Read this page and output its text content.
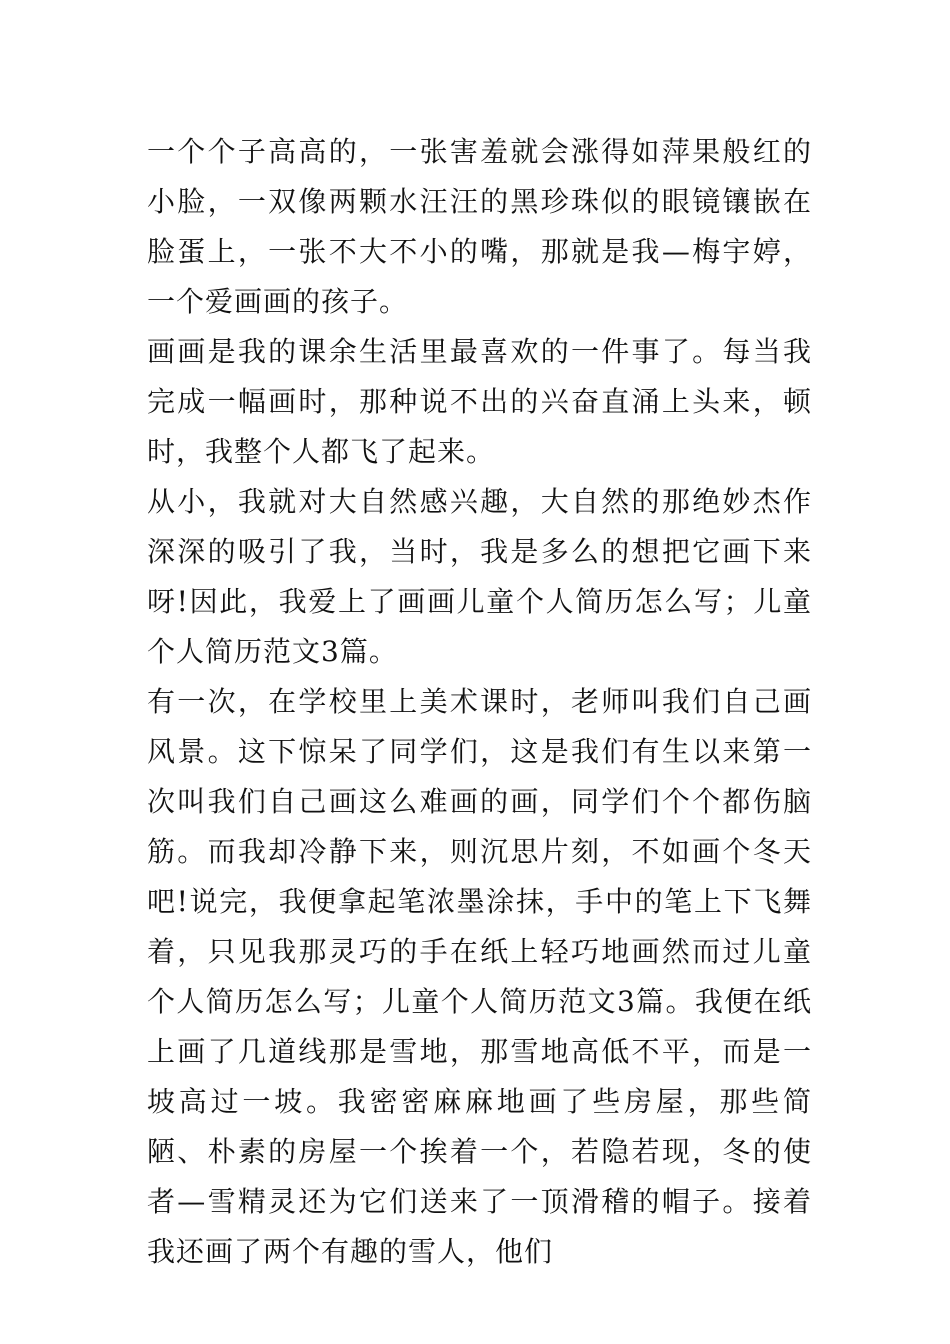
一个个子高高的，一张害羞就会涨得如萍果般红的小脸，一双像两颗水汪汪的黑珍珠似的眼镜镶嵌在脸蛋上，一张不大不小的嘴，那就是我—梅宇婷，一个爱画画的孩子。

画画是我的课余生活里最喜欢的一件事了。每当我完成一幅画时，那种说不出的兴奋直涌上头来，顿时，我整个人都飞了起来。

从小，我就对大自然感兴趣，大自然的那绝妙杰作深深的吸引了我，当时，我是多么的想把它画下来呀!因此，我爱上了画画儿童个人简历怎么写；儿童个人简历范文3篇。

有一次，在学校里上美术课时，老师叫我们自己画风景。这下惊呆了同学们，这是我们有生以来第一次叫我们自己画这么难画的画，同学们个个都伤脑筋。而我却冷静下来，则沉思片刻，不如画个冬天吧!说完，我便拿起笔浓墨涂抹，手中的笔上下飞舞着，只见我那灵巧的手在纸上轻巧地画然而过儿童个人简历怎么写；儿童个人简历范文3篇。我便在纸上画了几道线那是雪地，那雪地高低不平，而是一坡高过一坡。我密密麻麻地画了些房屋，那些简陋、朴素的房屋一个挨着一个，若隐若现，冬的使者—雪精灵还为它们送来了一顶滑稽的帽子。接着我还画了两个有趣的雪人，他们
